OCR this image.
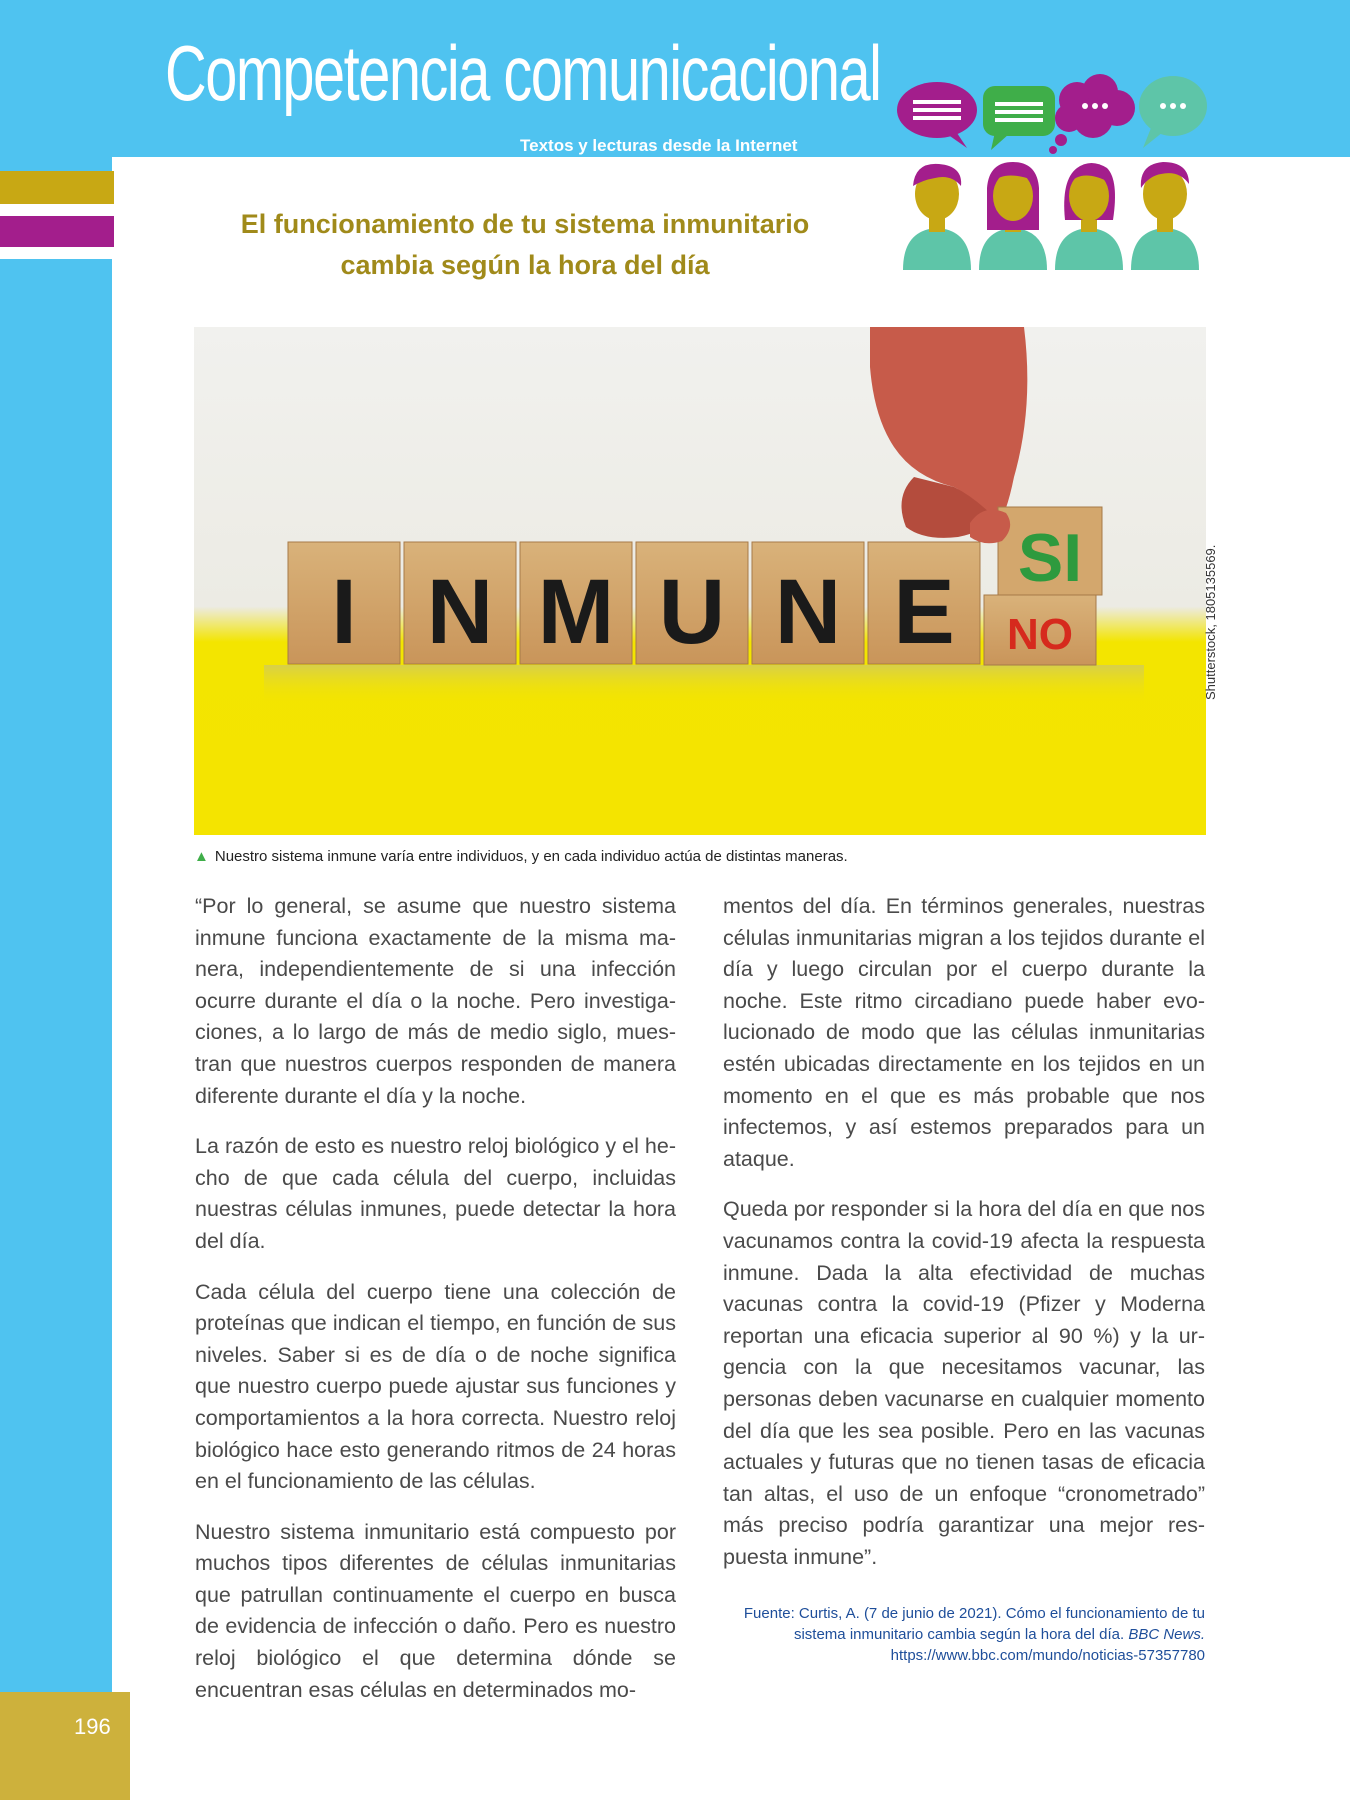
196
Competencia comunicacional
Textos y lecturas desde la Internet
El funcionamiento de tu sistema inmunitario
cambia según la hora del día
I N M U N E NO
SI	Shutterstock, 1805135569.
▲ Nuestro sistema inmune varía entre individuos, y en cada individuo actúa de distintas maneras.

“Por lo general, se asume que nuestro sistema inmune funciona exactamente de la misma manera, independientemente de si una infección ocurre durante el día o la noche. Pero investigaciones, a lo largo de más de medio siglo, muestran que nuestros cuerpos responden de manera diferente durante el día y la noche.

La razón de esto es nuestro reloj biológico y el hecho de que cada célula del cuerpo, incluidas nuestras células inmunes, puede detectar la hora del día.

Cada célula del cuerpo tiene una colección de proteínas que indican el tiempo, en función de sus niveles. Saber si es de día o de noche significa que nuestro cuerpo puede ajustar sus funciones y comportamientos a la hora correcta. Nuestro reloj biológico hace esto generando ritmos de 24 horas en el funcionamiento de las células.

Nuestro sistema inmunitario está compuesto por muchos tipos diferentes de células inmunitarias que patrullan continuamente el cuerpo en busca de evidencia de infección o daño. Pero es nuestro reloj biológico el que determina dónde se encuentran esas células en determinados mo-

mentos del día. En términos generales, nuestras células inmunitarias migran a los tejidos durante el día y luego circulan por el cuerpo durante la noche. Este ritmo circadiano puede haber evolucionado de modo que las células inmunitarias estén ubicadas directamente en los tejidos en un momento en el que es más probable que nos infectemos, y así estemos preparados para un ataque.

Queda por responder si la hora del día en que nos vacunamos contra la covid-19 afecta la respuesta inmune. Dada la alta efectividad de muchas vacunas contra la covid-19 (Pfizer y Moderna reportan una eficacia superior al 90 %) y la urgencia con la que necesitamos vacunar, las personas deben vacunarse en cualquier momento del día que les sea posible. Pero en las vacunas actuales y futuras que no tienen tasas de eficacia tan altas, el uso de un enfoque “cronometrado” más preciso podría garantizar una mejor respuesta inmune”.

Fuente: Curtis, A. (7 de junio de 2021). Cómo el funcionamiento de tu
sistema inmunitario cambia según la hora del día. BBC News.
https://www.bbc.com/mundo/noticias-57357780
